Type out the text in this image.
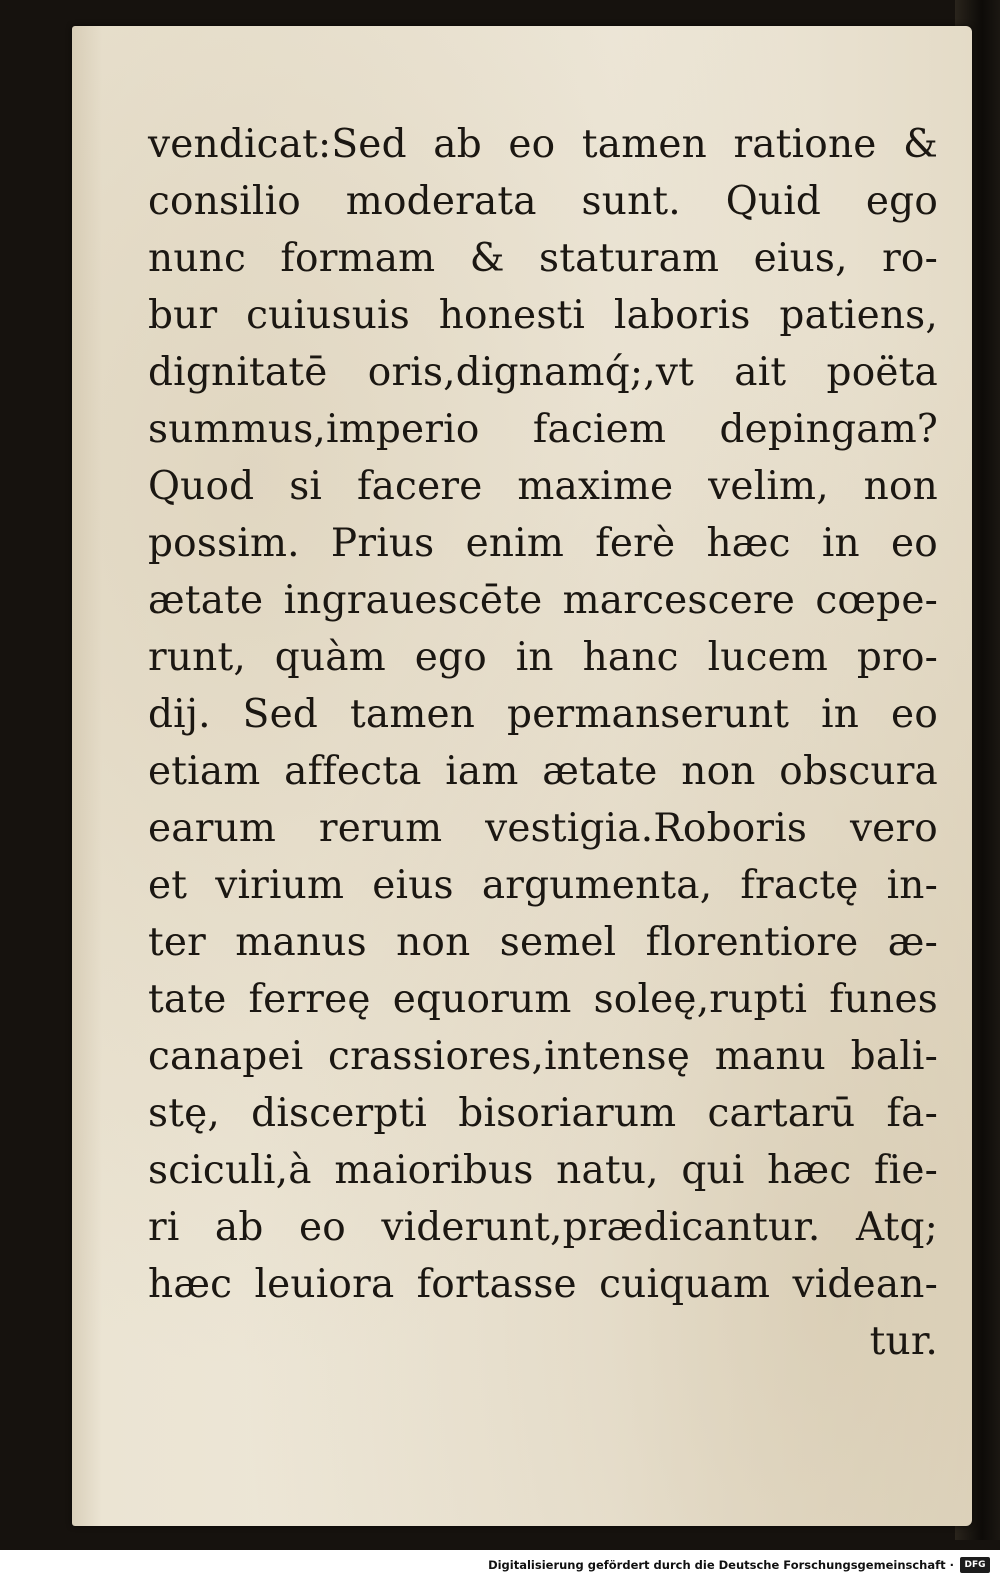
vendicat:Sed ab eo tamen ratione &
consilio moderata sunt. Quid ego
nunc formam & staturam eius, ro-
bur cuiusuis honesti laboris patiens,
dignitatē oris,dignamq́;,vt ait poëta
summus,imperio faciem depingam?
Quod si facere maxime velim, non
possim. Prius enim ferè hæc in eo
ætate ingrauescēte marcescere cœpe-
runt, quàm ego in hanc lucem pro-
dij. Sed tamen permanserunt in eo
etiam affecta iam ætate non obscura
earum rerum vestigia.Roboris vero
et virium eius argumenta, fractę in-
ter manus non semel florentiore æ-
tate ferreę equorum soleę,rupti funes
canapei crassiores,intensę manu bali-
stę, discerpti bisoriarum cartarū fa-
sciculi,à maioribus natu, qui hæc fie-
ri ab eo viderunt,prædicantur. Atq;
hæc leuiora fortasse cuiquam videan-
tur.
Digitalisierung gefördert durch die Deutsche Forschungsgemeinschaft ·	DFG
